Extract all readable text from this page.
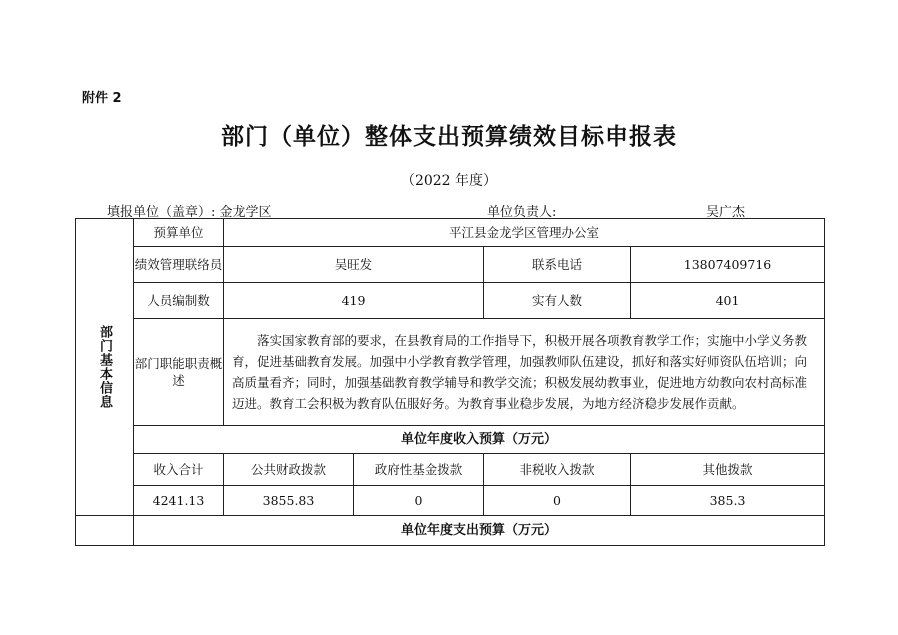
附件 2
部门（单位）整体支出预算绩效目标申报表
（2022 年度）
填报单位（盖章）: 金龙学区	单位负责人:	吴广杰
部门基本信息	预算单位	平江县金龙学区管理办公室			
	绩效管理联络员	吴旺发		联系电话	13807409716
	人员编制数	419		实有人数	401
	部门职能职责概述	落实国家教育部的要求，在县教育局的工作指导下，积极开展各项教育教学工作；实施中小学义务教育，促进基础教育发展。加强中小学教育教学管理，加强教师队伍建设，抓好和落实好师资队伍培训；向高质量看齐；同时，加强基础教育教学辅导和教学交流；积极发展幼教事业，促进地方幼教向农村高标准迈进。教育工会积极为教育队伍服好务。为教育事业稳步发展，为地方经济稳步发展作贡献。			
	单位年度收入预算（万元）				
	收入合计	公共财政拨款	政府性基金拨款	非税收入拨款	其他拨款
	4241.13	3855.83	0	0	385.3
	单位年度支出预算（万元）				
